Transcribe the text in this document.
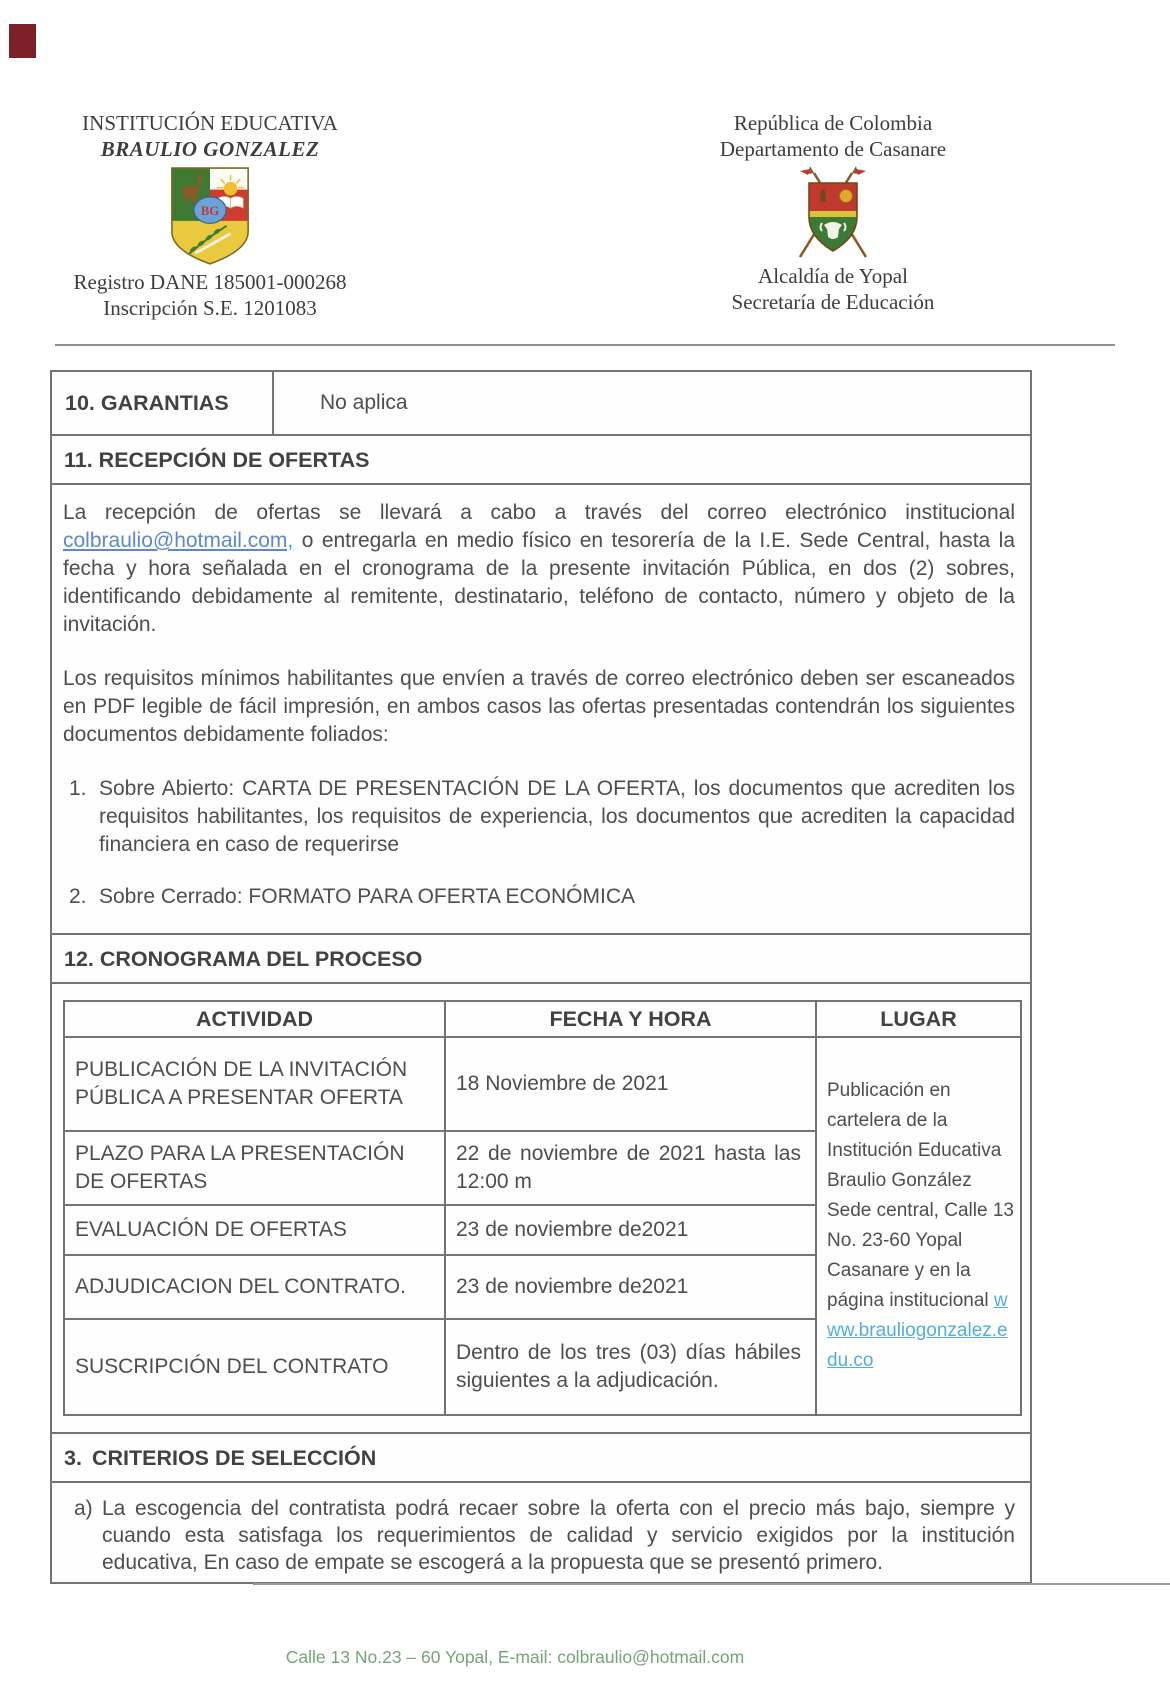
INSTITUCIÓN EDUCATIVA
BRAULIO GONZALEZ
BG
Registro DANE 185001-000268
Inscripción S.E. 1201083
República de Colombia
Departamento de Casanare
Alcaldía de Yopal
Secretaría de Educación
10. GARANTIAS	No aplica
11. RECEPCIÓN DE OFERTAS

La recepción de ofertas se llevará a cabo a través del correo electrónico institucional colbraulio@hotmail.com, o entregarla en medio físico en tesorería de la I.E. Sede Central, hasta la fecha y hora señalada en el cronograma de la presente invitación Pública, en dos (2) sobres, identificando debidamente al remitente, destinatario, teléfono de contacto, número y objeto de la invitación.

Los requisitos mínimos habilitantes que envíen a través de correo electrónico deben ser escaneados en PDF legible de fácil impresión, en ambos casos las ofertas presentadas contendrán los siguientes documentos debidamente foliados:

1. Sobre Abierto: CARTA DE PRESENTACIÓN DE LA OFERTA, los documentos que acrediten los requisitos habilitantes, los requisitos de experiencia, los documentos que acrediten la capacidad financiera en caso de requerirse
2. Sobre Cerrado: FORMATO PARA OFERTA ECONÓMICA
12. CRONOGRAMA DEL PROCESO
ACTIVIDAD	FECHA Y HORA	LUGAR
PUBLICACIÓN DE LA INVITACIÓN PÚBLICA A PRESENTAR OFERTA	18 Noviembre de 2021	Publicación en cartelera de la Institución Educativa Braulio González Sede central, Calle 13 No. 23-60 Yopal Casanare y en la página institucional www.brauliogonzalez.edu.co
PLAZO PARA LA PRESENTACIÓN DE OFERTAS	22 de noviembre de 2021 hasta las 12:00 m	
EVALUACIÓN DE OFERTAS	23 de noviembre de2021	
ADJUDICACION DEL CONTRATO.	23 de noviembre de2021	
SUSCRIPCIÓN DEL CONTRATO	Dentro de los tres (03) días hábiles siguientes a la adjudicación.	
3. CRITERIOS DE SELECCIÓN
a) La escogencia del contratista podrá recaer sobre la oferta con el precio más bajo, siempre y cuando esta satisfaga los requerimientos de calidad y servicio exigidos por la institución educativa, En caso de empate se escogerá a la propuesta que se presentó primero.
Calle 13 No.23 – 60 Yopal, E-mail: colbraulio@hotmail.com
